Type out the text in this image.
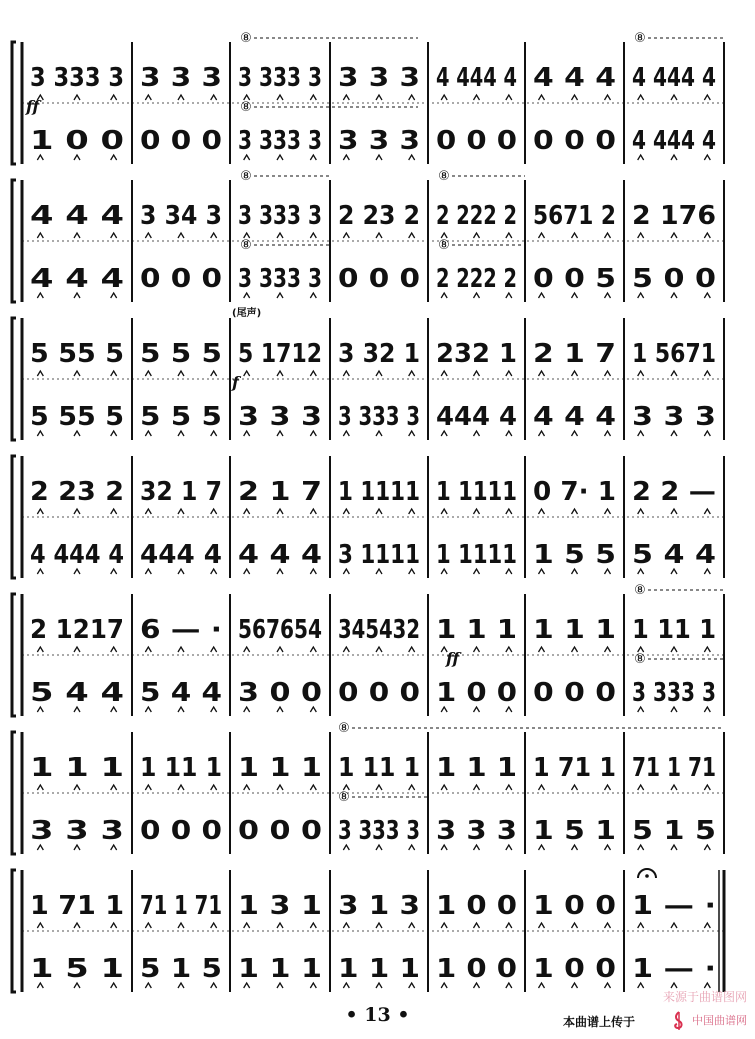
3 333 3
1 0 0
3 3 3
0 0 0
3 333 3
3 333 3
3 3 3
3 3 3
4 444 4
0 0 0
4 4 4
0 0 0
4 444 4
4 444 4
4 4 4
4 4 4
3 34 3
0 0 0
3 333 3
3 333 3
2 23 2
0 0 0
2 222 2
2 222 2
5671 2
0 0 5
2 176
5 0 0
5 55 5
5 55 5
5 5 5
5 5 5
5 1712
3 3 3
3 32 1
3 333 3
232 1
444 4
2 1 7
4 4 4
1 5671
3 3 3
2 23 2
4 444 4
32 1 7
444 4
2 1 7
4 4 4
1 1111
3 1111
1 1111
1 1111
0 7· 1
1 5 5
2 2 —
5 4 4
2 1217
5 4 4
6 — ·
5 4 4
567654
3 0 0
345432
0 0 0
1 1 1
1 0 0
1 1 1
0 0 0
1 11 1
3 333 3
1 1 1
3 3 3
1 11 1
0 0 0
1 1 1
0 0 0
1 11 1
3 333 3
1 1 1
3 3 3
1 71 1
1 5 1
71 1 71
5 1 5
1 71 1
1 5 1
71 1 71
5 1 5
1 3 1
1 1 1
3 1 3
1 1 1
1 0 0
1 0 0
1 0 0
1 0 0
1 — ·
1 — ·
⑧
⑧
⑧
⑧
⑧
⑧
⑧
⑧
⑧
⑧
⑧
(尾声)
ff
ff
f
• 13 •
来源于曲谱图网
本曲谱上传于	中国曲谱网
